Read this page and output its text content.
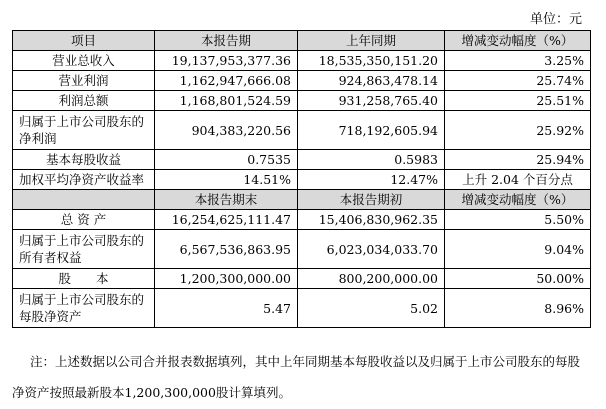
单位：元
项目	本报告期	上年同期	增减变动幅度（%）
营业总收入	19,137,953,377.36	18,535,350,151.20	3.25%
营业利润	1,162,947,666.08	924,863,478.14	25.74%
利润总额	1,168,801,524.59	931,258,765.40	25.51%
归属于上市公司股东的净利润	904,383,220.56	718,192,605.94	25.92%
基本每股收益	0.7535	0.5983	25.94%
加权平均净资产收益率	14.51%	12.47%	上升 2.04 个百分点
	本报告期末	本报告期初	增减变动幅度（%）
总 资 产	16,254,625,111.47	15,406,830,962.35	5.50%
归属于上市公司股东的所有者权益	6,567,536,863.95	6,023,034,033.70	9.04%
股　　本	1,200,300,000.00	800,200,000.00	50.00%
归属于上市公司股东的每股净资产	5.47	5.02	8.96%
注：上述数据以公司合并报表数据填列，其中上年同期基本每股收益以及归属于上市公司股东的每股
净资产按照最新股本1,200,300,000股计算填列。
